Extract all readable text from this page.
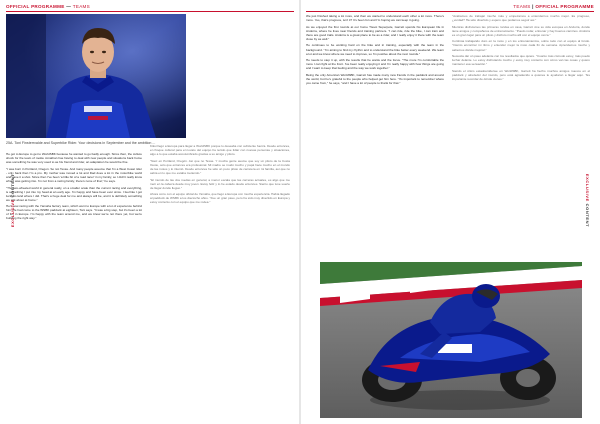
OFFICIAL PROGRAMME — TEAMS
25A. Toni Finsterrvalde and Superbike Rider. Your decisions in September and the ambition ...

He got to Europe to get to WorldSBK because he wanted to go badly enough. Since then, the culture shock for the team of rookie Jonathan has having to deal with new people and situations back home was something he was very used to as his friend and rider, an adaptation he would be fine.

"I was born in Portland, Oregon. So not Texas. And many people assume that I'm a West Coast rider - only back then I'm a pro. My mother was moved a lot and Dad does a lot in the motorbike world and gave it a shot. Since then I've been 'a little bit of a road racer' in my family, so I didn't really know what I was getting into. I'm not from a racing family, there's none of that," he says.

"The two-wheeled world in general really, on a smaller scale than the current racing and everything, is something I put into my head at an early age. I'm happy and have been ever since. I feel like I got lucky to land where I did. That's a huge deal for me and always will be, and it is definitely something we talk about at home."

He's now racing with the Yamaha factory team, which went to Europe with a lot of experience behind him. He had come to the WSBK paddock at eighteen, Toni says. "It was a big step, but it's been a lot of fun in Europe. I'm happy with the team around me, and we know we're not there yet, but we're building the right way."

Kikui llegó a Europa para llegar a WorldSBK porque lo deseaba con suficiente fuerza. Desde entonces, el choque cultural para el novato del equipo ha tenido que lidiar con nuevas personas y situaciones, algo a lo que estaba acostumbrado gracias a su amigo y piloto.

"Nací en Portland, Oregón. Así que no Texas. Y mucha gente asume que soy un piloto de la Costa Oeste, solo que entonces era profesional. Mi madre se mudó mucho y papá hace mucho en el mundo de las motos y lo intentó. Desde entonces he sido un poco piloto de carretera en mi familia, así que no sabía en lo que me estaba metiendo."

"El mundo de las dos ruedas en general, a menor escala que las carreras actuales, es algo que me metí en la cabeza desde muy joven. Estoy feliz y lo he estado desde entonces. Siento que tuve suerte de llegar donde llegué."

Ahora corre con el equipo oficial de Yamaha, que llegó a Europa con mucha experiencia. Había llegado al paddock de WSBK a los dieciocho años. "Fue un gran paso, pero ha sido muy divertido en Europa y estoy contento con el equipo que me rodea."

EXCLUSIVE CONTENT
TEAMS | OFFICIAL PROGRAMME

We just finished taking a lot more, and then we started to understand each other a lot more. There's more. Yes, that's progress, isn't it? It's been fun and I'm hoping we can keep it going.

As we enjoyed the first rounds at our home Tissot Superpole, Garrett spends his European life in Andorra, where he lives near friends and training partners. "I can ride, ride the bike, I can train and there are good trails. Andorra is a great place to be as a rider, and I really enjoy it there with the team close by as well."

He continues to be working hard on the bike and in training, especially with the team in the background. "I'm aiming to find my rhythm and to understand the bike better every weekend. We learn a lot and we know where we need to improve, so I'm positive about the next rounds."

He needs to step it up, with the results that he wants and the focus. "The more I'm comfortable the more I can fight at the front. I've been really enjoying it and I'm really happy with how things are going and I want to keep that feeling and the way we work together."

Being the only American WorldSBK, Garrett has made many new friends in the paddock and around the world, but he's grateful to the people who helped get him here. "It's important to remember where you came from," he says, "and I have a lot of people to thank for that."

"Acabamos de trabajar mucho más y empezamos a entendernos mucho mejor. Es progreso, ¿verdad? Ha sido divertido y espero que podamos seguir así."

Mientras disfrutamos las primeras rondas en casa, Garrett vive su vida europea en Andorra, donde tiene amigos y compañeros de entrenamiento. "Puedo rodar, entrenar y hay buenos caminos. Andorra es un gran lugar para un piloto y disfruto mucho allí con el equipo cerca."

Continúa trabajando duro en la moto y en los entrenamientos, sobre todo con el equipo al fondo. "Intento encontrar mi ritmo y entender mejor la moto cada fin de semana. Aprendemos mucho y sabemos dónde mejorar."

Necesita dar un paso adelante con los resultados que quiere. "Cuanto más cómodo estoy, más puedo luchar delante. Lo estoy disfrutando mucho y estoy muy contento con cómo van las cosas y quiero mantener esa sensación."

Siendo el único estadounidense en WorldSBK, Garrett ha hecho muchos amigos nuevos en el paddock y alrededor del mundo, pero está agradecido a quienes le ayudaron a llegar aquí. "Es importante recordar de dónde vienes."

EXCLUSIVE CONTENT
